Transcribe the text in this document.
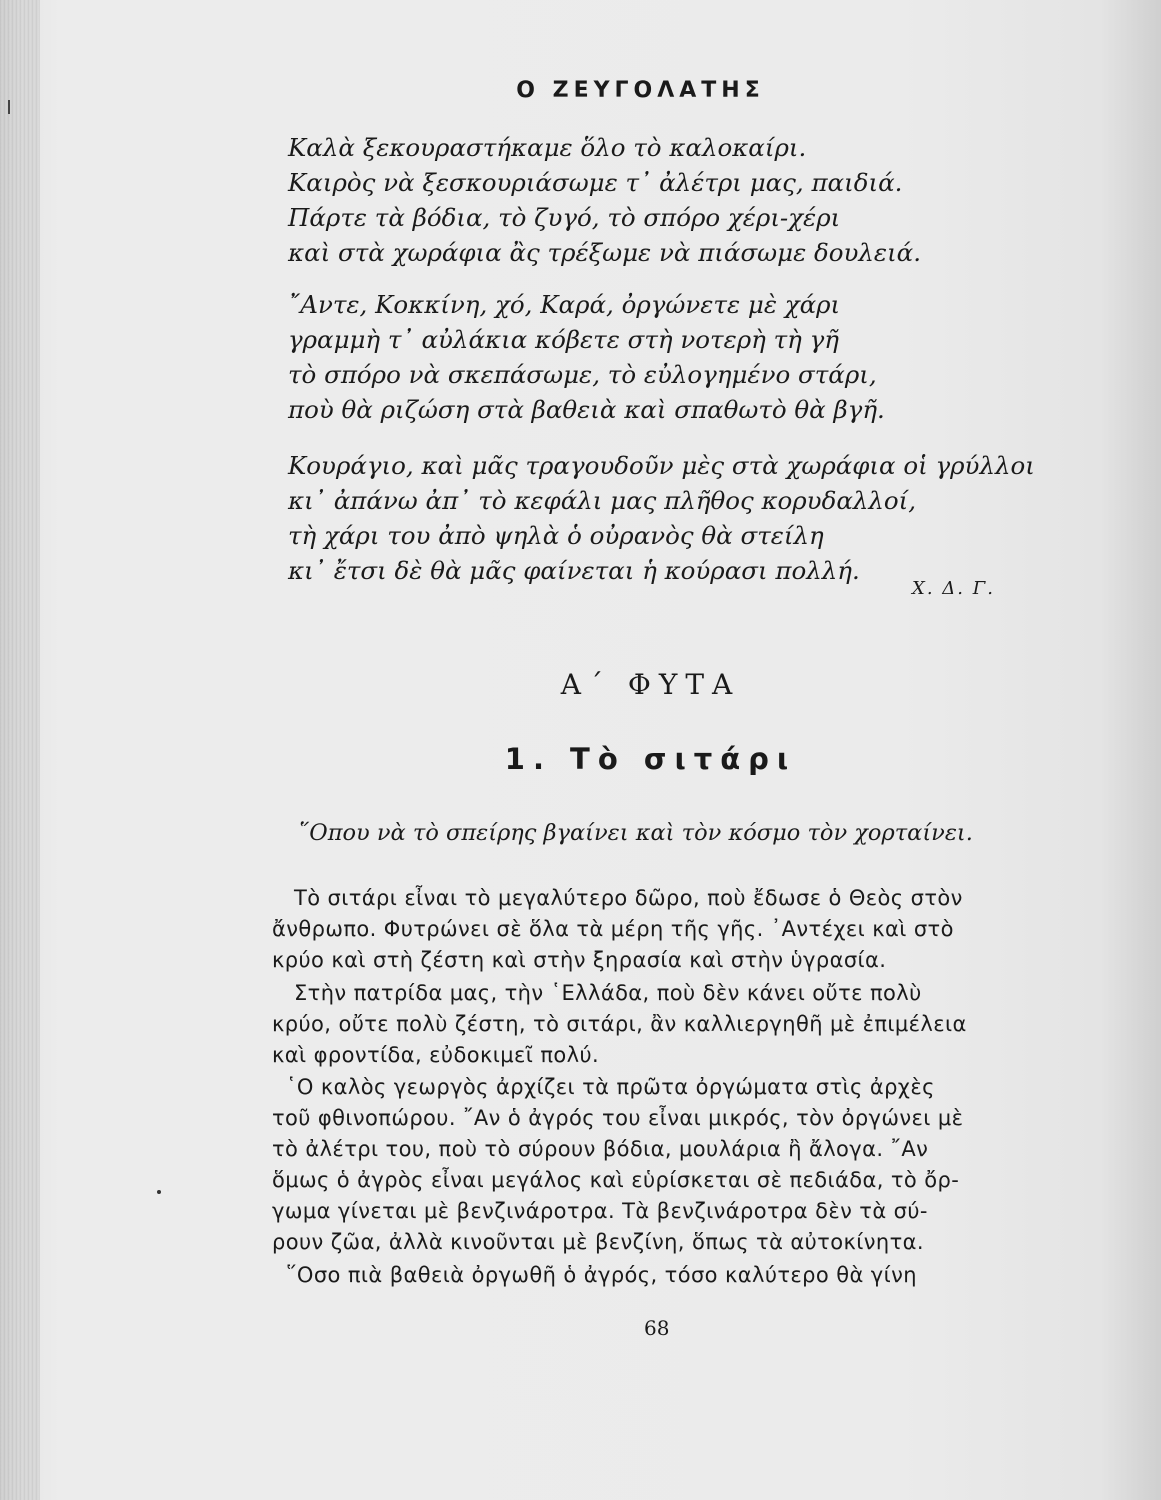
Ο ΖΕΥΓΟΛΑΤΗΣ
Καλὰ ξεκουραστήκαμε ὅλο τὸ καλοκαίρι.
Καιρὸς νὰ ξεσκουριάσωμε τ᾽ ἀλέτρι μας, παιδιά.
Πάρτε τὰ βόδια, τὸ ζυγό, τὸ σπόρο χέρι-χέρι
καὶ στὰ χωράφια ἂς τρέξωμε νὰ πιάσωμε δουλειά.
῎Αντε, Κοκκίνη, χό, Καρά, ὀργώνετε μὲ χάρι
γραμμὴ τ᾽ αὐλάκια κόβετε στὴ νοτερὴ τὴ γῆ
τὸ σπόρο νὰ σκεπάσωμε, τὸ εὐλογημένο στάρι,
ποὺ θὰ ριζώση στὰ βαθειὰ καὶ σπαθωτὸ θὰ βγῆ.
Κουράγιο, καὶ μᾶς τραγουδοῦν μὲς στὰ χωράφια οἱ γρύλλοι
κι᾽ ἀπάνω ἀπ᾽ τὸ κεφάλι μας πλῆθος κορυδαλλοί,
τὴ χάρι του ἀπὸ ψηλὰ ὁ οὐρανὸς θὰ στείλη
κι᾽ ἔτσι δὲ θὰ μᾶς φαίνεται ἡ κούρασι πολλή.
Χ. Δ. Γ.
Α΄ ΦΥΤΑ
1. Τὸ σιτάρι
῞Οπου νὰ τὸ σπείρης βγαίνει καὶ τὸν κόσμο τὸν χορταίνει.
Τὸ σιτάρι εἶναι τὸ μεγαλύτερο δῶρο, ποὺ ἔδωσε ὁ Θεὸς στὸν
ἄνθρωπο. Φυτρώνει σὲ ὅλα τὰ μέρη τῆς γῆς. ᾿Αντέχει καὶ στὸ
κρύο καὶ στὴ ζέστη καὶ στὴν ξηρασία καὶ στὴν ὑγρασία.
Στὴν πατρίδα μας, τὴν ῾Ελλάδα, ποὺ δὲν κάνει οὔτε πολὺ
κρύο, οὔτε πολὺ ζέστη, τὸ σιτάρι, ἂν καλλιεργηθῆ μὲ ἐπιμέλεια
καὶ φροντίδα, εὐδοκιμεῖ πολύ.
῾Ο καλὸς γεωργὸς ἀρχίζει τὰ πρῶτα ὀργώματα στὶς ἀρχὲς
τοῦ φθινοπώρου. ῎Αν ὁ ἀγρός του εἶναι μικρός, τὸν ὀργώνει μὲ
τὸ ἀλέτρι του, ποὺ τὸ σύρουν βόδια, μουλάρια ἢ ἄλογα. ῎Αν
ὅμως ὁ ἀγρὸς εἶναι μεγάλος καὶ εὑρίσκεται σὲ πεδιάδα, τὸ ὄρ-
γωμα γίνεται μὲ βενζινάροτρα. Τὰ βενζινάροτρα δὲν τὰ σύ-
ρουν ζῶα, ἀλλὰ κινοῦνται μὲ βενζίνη, ὅπως τὰ αὐτοκίνητα.
῞Οσο πιὰ βαθειὰ ὀργωθῆ ὁ ἀγρός, τόσο καλύτερο θὰ γίνη
68
